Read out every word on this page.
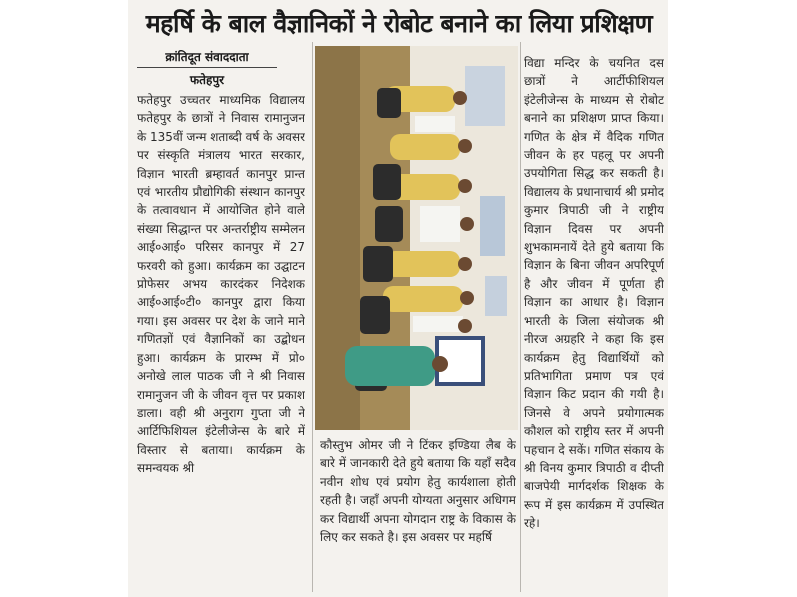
महर्षि के बाल वैज्ञानिकों ने रोबोट बनाने का लिया प्रशिक्षण
क्रांतिदूत संवाददाता
फतेहपुर
फतेहपुर उच्चतर माध्यमिक विद्यालय फतेहपुर के छात्रों ने निवास रामानुजन के 135वीं जन्म शताब्दी वर्ष के अवसर पर संस्कृति मंत्रालय भारत सरकार, विज्ञान भारती ब्रम्हावर्त कानपुर प्रान्त एवं भारतीय प्रौद्योगिकी संस्थान कानपुर के तत्वावधान में आयोजित होने वाले संख्या सिद्धान्त पर अन्तर्राष्ट्रीय सम्मेलन आई०आई० परिसर कानपुर में 27 फरवरी को हुआ। कार्यक्रम का उद्घाटन प्रोफेसर अभय कारदंकर निदेशक आई०आई०टी० कानपुर द्वारा किया गया। इस अवसर पर देश के जाने माने गणितज्ञों एवं वैज्ञानिकों का उद्बोधन हुआ। कार्यक्रम के प्रारम्भ में प्रो० अनोखे लाल पाठक जी ने श्री निवास रामानुजन जी के जीवन वृत्त पर प्रकाश डाला। वही श्री अनुराग गुप्ता जी ने आर्टिफिशियल इंटेलीजेन्स के बारे में विस्तार से बताया। कार्यक्रम के समन्वयक श्री
कौस्तुभ ओमर जी ने टिंकर इण्डिया लैब के बारे में जानकारी देते हुये बताया कि यहाँ सदैव नवीन शोध एवं प्रयोग हेतु कार्यशाला होती रहती है। जहाँ अपनी योग्यता अनुसार अधिगम कर विद्यार्थी अपना योगदान राष्ट्र के विकास के लिए कर सकते है। इस अवसर पर महर्षि
विद्या मन्दिर के चयनित दस छात्रों ने आर्टीफीशियल इंटेलीजेन्स के माध्यम से रोबोट बनाने का प्रशिक्षण प्राप्त किया। गणित के क्षेत्र में वैदिक गणित जीवन के हर पहलू पर अपनी उपयोगिता सिद्ध कर सकती है। विद्यालय के प्रधानाचार्य श्री प्रमोद कुमार त्रिपाठी जी ने राष्ट्रीय विज्ञान दिवस पर अपनी शुभकामनायें देते हुये बताया कि विज्ञान के बिना जीवन अपरिपूर्ण है और जीवन में पूर्णता ही विज्ञान का आधार है। विज्ञान भारती के जिला संयोजक श्री नीरज अग्रहरि ने कहा कि इस कार्यक्रम हेतु विद्यार्थियों को प्रतिभागिता प्रमाण पत्र एवं विज्ञान किट प्रदान की गयी है। जिनसे वे अपने प्रयोगात्मक कौशल को राष्ट्रीय स्तर में अपनी पहचान दे सकें। गणित संकाय के श्री विनय कुमार त्रिपाठी व दीप्ती बाजपेयी मार्गदर्शक शिक्षक के रूप में इस कार्यक्रम में उपस्थित रहे।
